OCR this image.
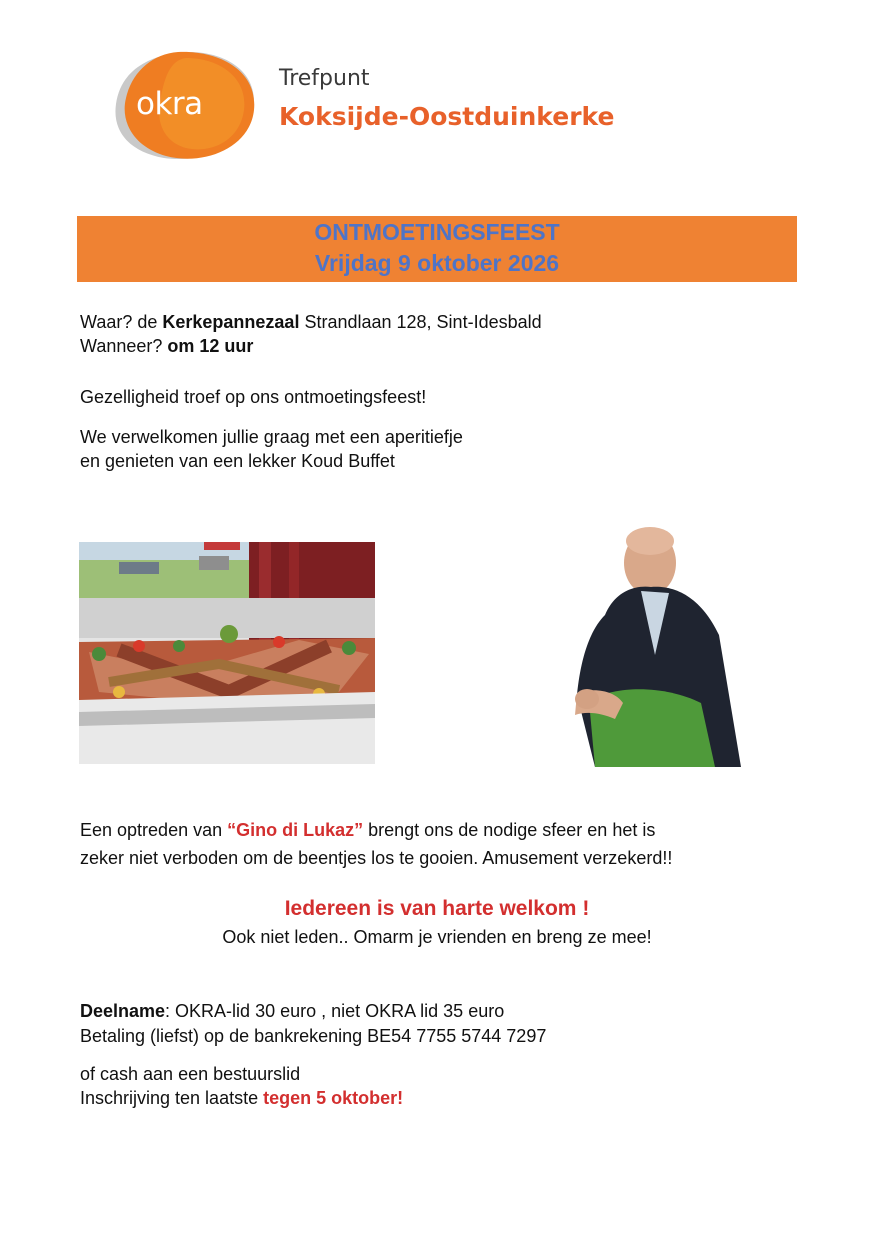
okra
Trefpunt
Koksijde-Oostduinkerke
ONTMOETINGSFEEST
Vrijdag 9 oktober 2026
Waar? de Kerkepannezaal Strandlaan 128, Sint-Idesbald
Wanneer? om 12 uur
Gezelligheid troef op ons ontmoetingsfeest!
We verwelkomen jullie graag met een aperitiefje
en genieten van een lekker Koud Buffet
Een optreden van “Gino di Lukaz” brengt ons de nodige sfeer en het is
zeker niet verboden om de beentjes los te gooien. Amusement verzekerd!!
Iedereen is van harte welkom !
Ook niet leden.. Omarm je vrienden en breng ze mee!
Deelname: OKRA-lid 30 euro , niet OKRA lid 35 euro
Betaling (liefst) op de bankrekening BE54 7755 5744 7297
of cash aan een bestuurslid
Inschrijving ten laatste tegen 5 oktober!
